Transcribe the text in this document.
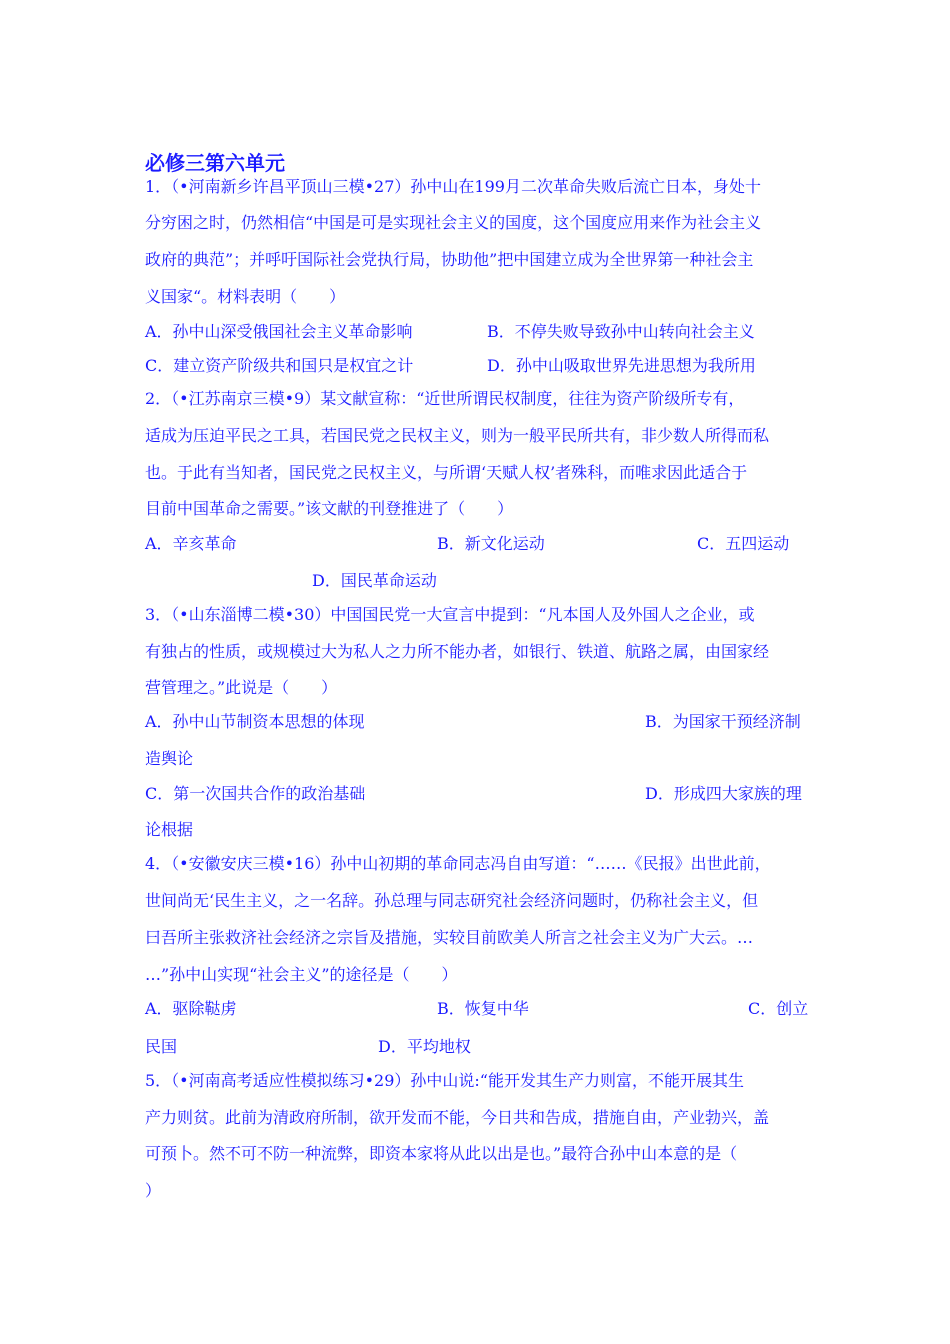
必修三第六单元
1．（•河南新乡许昌平顶山三模•27）孙中山在199月二次革命失败后流亡日本，身处十
分穷困之时，仍然相信“中国是可是实现社会主义的国度，这个国度应用来作为社会主义
政府的典范”；并呼吁国际社会党执行局，协助他”把中国建立成为全世界第一种社会主
义国家“。材料表明（　　）
A．孙中山深受俄国社会主义革命影响	B．不停失败导致孙中山转向社会主义
C．建立资产阶级共和国只是权宜之计	D．孙中山吸取世界先进思想为我所用
2．（•江苏南京三模•9）某文献宣称：“近世所谓民权制度，往往为资产阶级所专有，
适成为压迫平民之工具，若国民党之民权主义，则为一般平民所共有，非少数人所得而私
也。于此有当知者，国民党之民权主义，与所谓‘天赋人权’者殊科，而唯求因此适合于
目前中国革命之需要。”该文献的刊登推进了（　　）
A．辛亥革命	B．新文化运动	C．五四运动
D．国民革命运动
3．（•山东淄博二模•30）中国国民党一大宣言中提到：“凡本国人及外国人之企业，或
有独占的性质，或规模过大为私人之力所不能办者，如银行、铁道、航路之属，由国家经
营管理之。”此说是（　　）
A．孙中山节制资本思想的体现	B．为国家干预经济制
造舆论
C．第一次国共合作的政治基础	D．形成四大家族的理
论根据
4．（•安徽安庆三模•16）孙中山初期的革命同志冯自由写道：“……《民报》出世此前，
世间尚无‘民生主义，之一名辞。孙总理与同志研究社会经济问题时，仍称社会主义，但
曰吾所主张救济社会经济之宗旨及措施，实较目前欧美人所言之社会主义为广大云。…
…”孙中山实现“社会主义”的途径是（　　）
A．驱除鞑虏	B．恢复中华	C．创立
民国	D．平均地权
5．（•河南高考适应性模拟练习•29）孙中山说:“能开发其生产力则富，不能开展其生
产力则贫。此前为清政府所制，欲开发而不能，今日共和告成，措施自由，产业勃兴，盖
可预卜。然不可不防一种流弊，即资本家将从此以出是也。”最符合孙中山本意的是（
）
